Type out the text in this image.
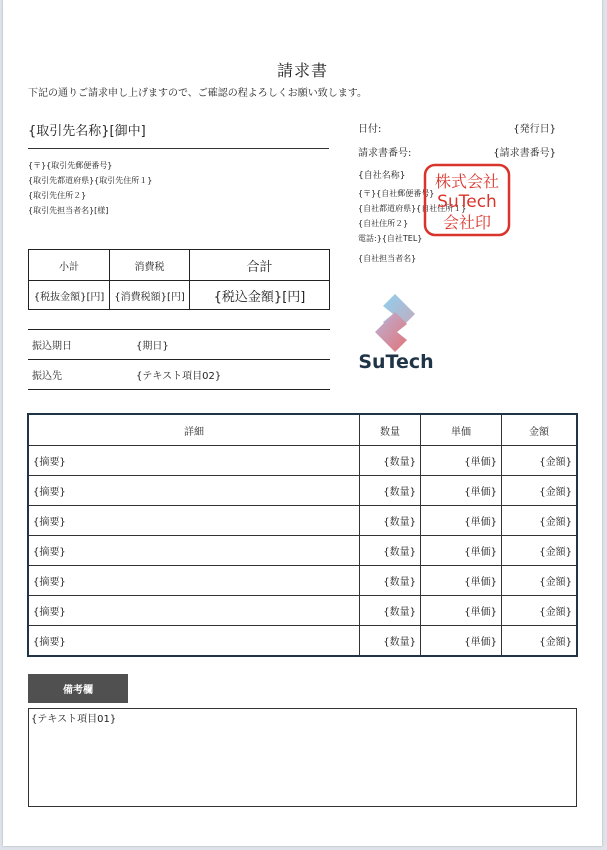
請求書
下記の通りご請求申し上げますので、ご確認の程よろしくお願い致します。
{取引先名称}[御中]
{〒}{取引先郵便番号}
{取引先都道府県}{取引先住所１}
{取引先住所２}
{取引先担当者名}[様]
小計	消費税	合計
{税抜金額}[円]	{消費税額}[円]	{税込金額}[円]
振込期日	{期日}
振込先	{テキスト項目02}
日付:	{発行日}
請求書番号:	{請求書番号}
{自社名称}
{〒}{自社郵便番号}
{自社都道府県}{自社住所１}
{自社住所２}
電話:}{自社TEL}
{自社担当者名}
株式会社
SuTech
会社印
SuTech
詳細	数量	単価	金額
{摘要}	{数量}	{単価}	{金額}
{摘要}	{数量}	{単価}	{金額}
{摘要}	{数量}	{単価}	{金額}
{摘要}	{数量}	{単価}	{金額}
{摘要}	{数量}	{単価}	{金額}
{摘要}	{数量}	{単価}	{金額}
{摘要}	{数量}	{単価}	{金額}
備考欄
{テキスト項目01}
